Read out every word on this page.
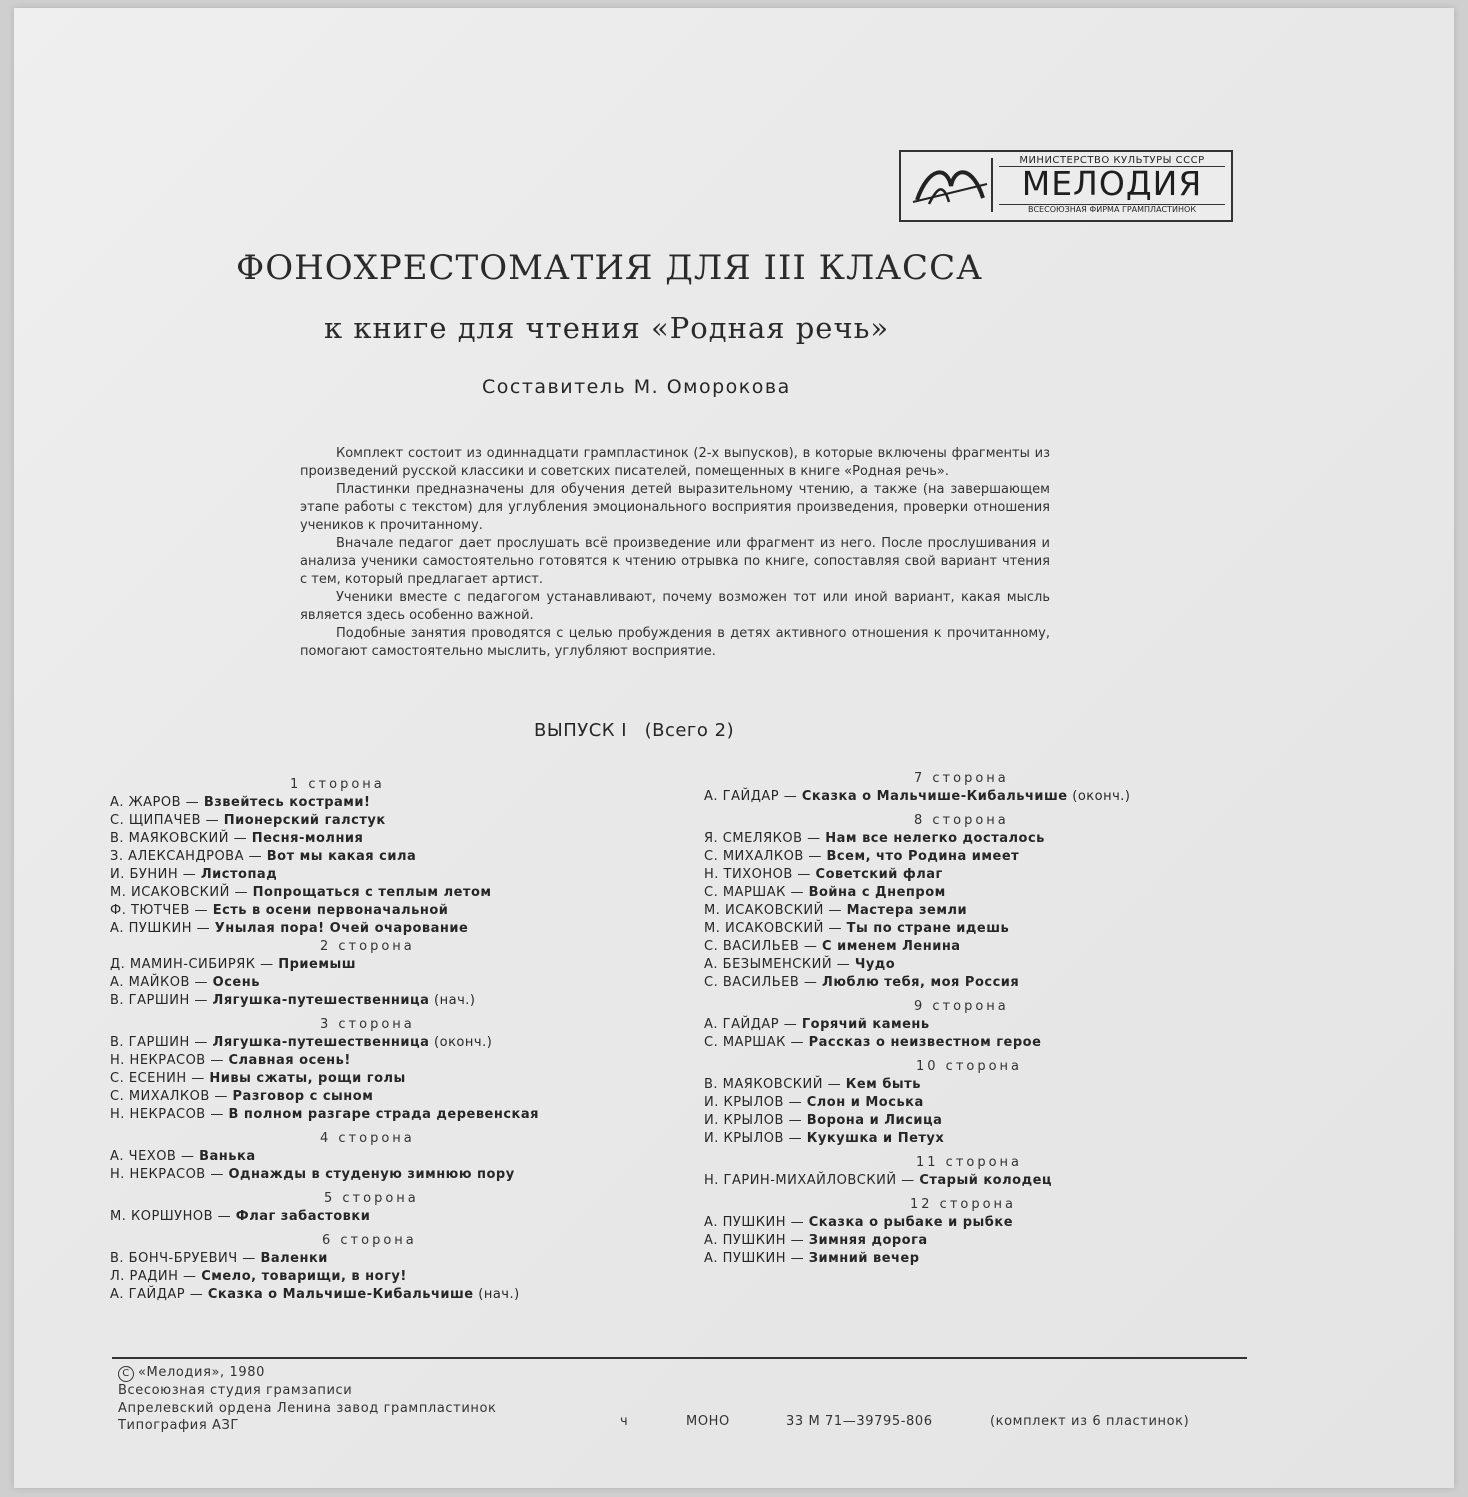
МИНИСТЕРСТВО КУЛЬТУРЫ СССР
МЕЛОДИЯ
ВСЕСОЮЗНАЯ ФИРМА ГРАМПЛАСТИНОК
ФОНОХРЕСТОМАТИЯ ДЛЯ III КЛАССА
к книге для чтения «Родная речь»
Составитель М. Оморокова

Комплект состоит из одиннадцати грампластинок (2-х выпусков), в которые включены фрагменты из произведений русской классики и советских писателей, помещенных в книге «Родная речь».

Пластинки предназначены для обучения детей выразительному чтению, а также (на завершающем этапе работы с текстом) для углубления эмоционального восприятия произведения, проверки отношения учеников к прочитанному.

Вначале педагог дает прослушать всё произведение или фрагмент из него. После прослушивания и анализа ученики самостоятельно готовятся к чтению отрывка по книге, сопоставляя свой вариант чтения с тем, который предлагает артист.

Ученики вместе с педагогом устанавливают, почему возможен тот или иной вариант, какая мысль является здесь особенно важной.

Подобные занятия проводятся с целью пробуждения в детях активного отношения к прочитанному, помогают самостоятельно мыслить, углубляют восприятие.

ВЫПУСК I (Всего 2)
1 сторона
А. ЖАРОВ — Взвейтесь кострами!
С. ЩИПАЧЕВ — Пионерский галстук
В. МАЯКОВСКИЙ — Песня-молния
З. АЛЕКСАНДРОВА — Вот мы какая сила
И. БУНИН — Листопад
М. ИСАКОВСКИЙ — Попрощаться с теплым летом
Ф. ТЮТЧЕВ — Есть в осени первоначальной
А. ПУШКИН — Унылая пора! Очей очарование
2 сторона
Д. МАМИН-СИБИРЯК — Приемыш
А. МАЙКОВ — Осень
В. ГАРШИН — Лягушка-путешественница (нач.)
3 сторона
В. ГАРШИН — Лягушка-путешественница (оконч.)
Н. НЕКРАСОВ — Славная осень!
С. ЕСЕНИН — Нивы сжаты, рощи голы
С. МИХАЛКОВ — Разговор с сыном
Н. НЕКРАСОВ — В полном разгаре страда деревенская
4 сторона
А. ЧЕХОВ — Ванька
Н. НЕКРАСОВ — Однажды в студеную зимнюю пору
5 сторона
М. КОРШУНОВ — Флаг забастовки
6 сторона
В. БОНЧ-БРУЕВИЧ — Валенки
Л. РАДИН — Смело, товарищи, в ногу!
А. ГАЙДАР — Сказка о Мальчише-Кибальчише (нач.)
7 сторона
А. ГАЙДАР — Сказка о Мальчише-Кибальчише (оконч.)
8 сторона
Я. СМЕЛЯКОВ — Нам все нелегко досталось
С. МИХАЛКОВ — Всем, что Родина имеет
Н. ТИХОНОВ — Советский флаг
С. МАРШАК — Война с Днепром
М. ИСАКОВСКИЙ — Мастера земли
М. ИСАКОВСКИЙ — Ты по стране идешь
С. ВАСИЛЬЕВ — С именем Ленина
А. БЕЗЫМЕНСКИЙ — Чудо
С. ВАСИЛЬЕВ — Люблю тебя, моя Россия
9 сторона
А. ГАЙДАР — Горячий камень
С. МАРШАК — Рассказ о неизвестном герое
10 сторона
В. МАЯКОВСКИЙ — Кем быть
И. КРЫЛОВ — Слон и Моська
И. КРЫЛОВ — Ворона и Лисица
И. КРЫЛОВ — Кукушка и Петух
11 сторона
Н. ГАРИН-МИХАЙЛОВСКИЙ — Старый колодец
12 сторона
А. ПУШКИН — Сказка о рыбаке и рыбке
А. ПУШКИН — Зимняя дорога
А. ПУШКИН — Зимний вечер
С «Мелодия», 1980
Всесоюзная студия грамзаписи
Апрелевский ордена Ленина завод грампластинок
Типография АЗГ	ч	МОНО	33 М 71—39795-806	(комплект из 6 пластинок)
